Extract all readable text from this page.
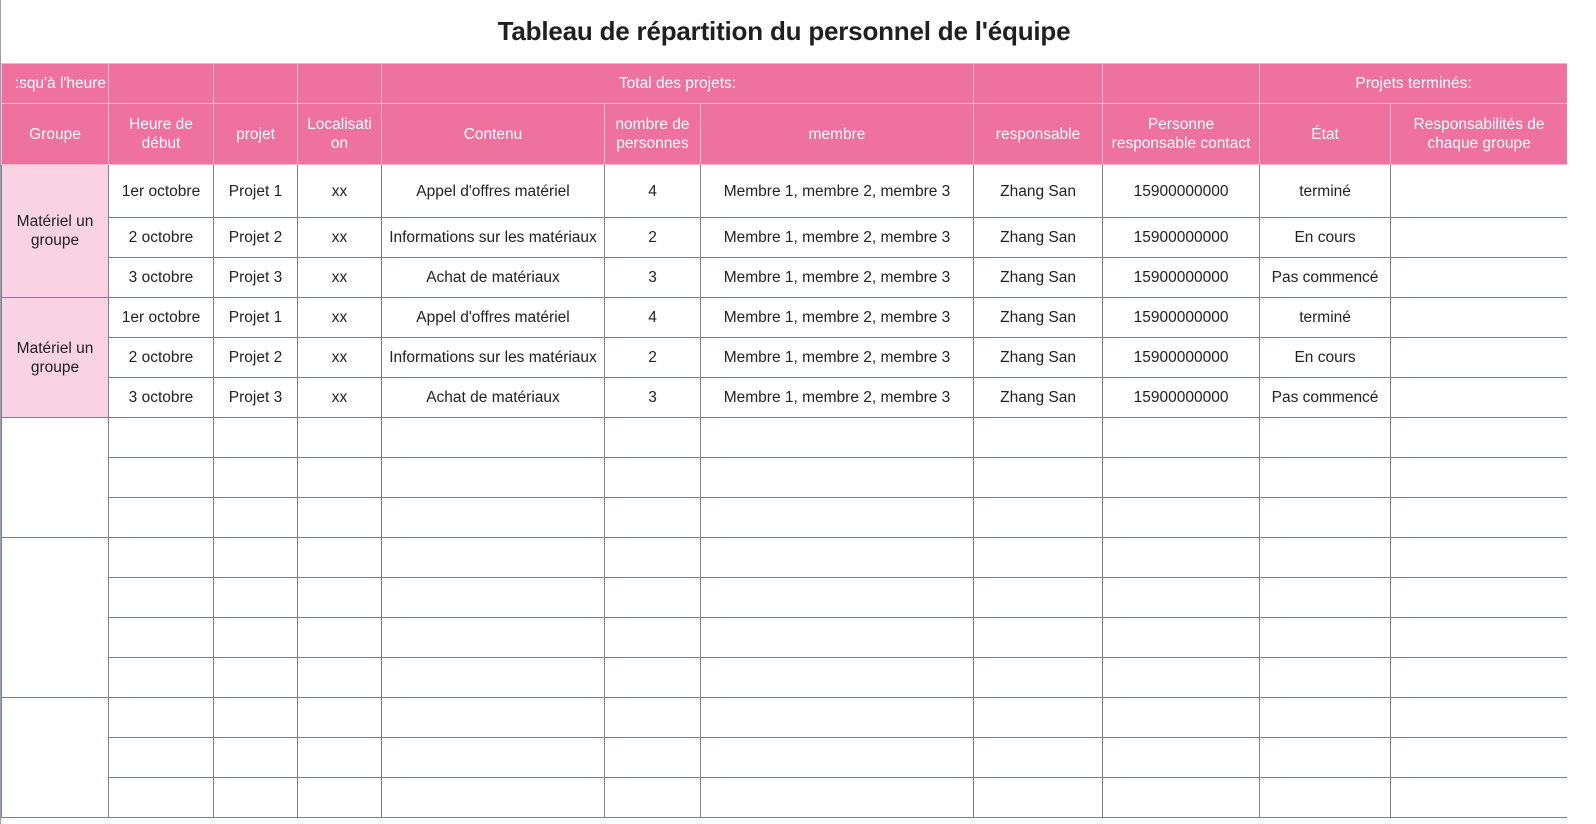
Tableau de répartition du personnel de l'équipe
squ'à l'heure:				Total des projets:					Projets terminés:	
Groupe	Heure de début	projet	Localisati on	Contenu	nombre de personnes	membre	responsable	Personne responsable contact	État	Responsabilités de chaque groupe
Matériel un groupe	1er octobre	Projet 1	xx	Appel d'offres matériel	4	Membre 1, membre 2, membre 3	Zhang San	15900000000	terminé	
	2 octobre	Projet 2	xx	Informations sur les matériaux	2	Membre 1, membre 2, membre 3	Zhang San	15900000000	En cours	
	3 octobre	Projet 3	xx	Achat de matériaux	3	Membre 1, membre 2, membre 3	Zhang San	15900000000	Pas commencé	
Matériel un groupe	1er octobre	Projet 1	xx	Appel d'offres matériel	4	Membre 1, membre 2, membre 3	Zhang San	15900000000	terminé	
	2 octobre	Projet 2	xx	Informations sur les matériaux	2	Membre 1, membre 2, membre 3	Zhang San	15900000000	En cours	
	3 octobre	Projet 3	xx	Achat de matériaux	3	Membre 1, membre 2, membre 3	Zhang San	15900000000	Pas commencé	
